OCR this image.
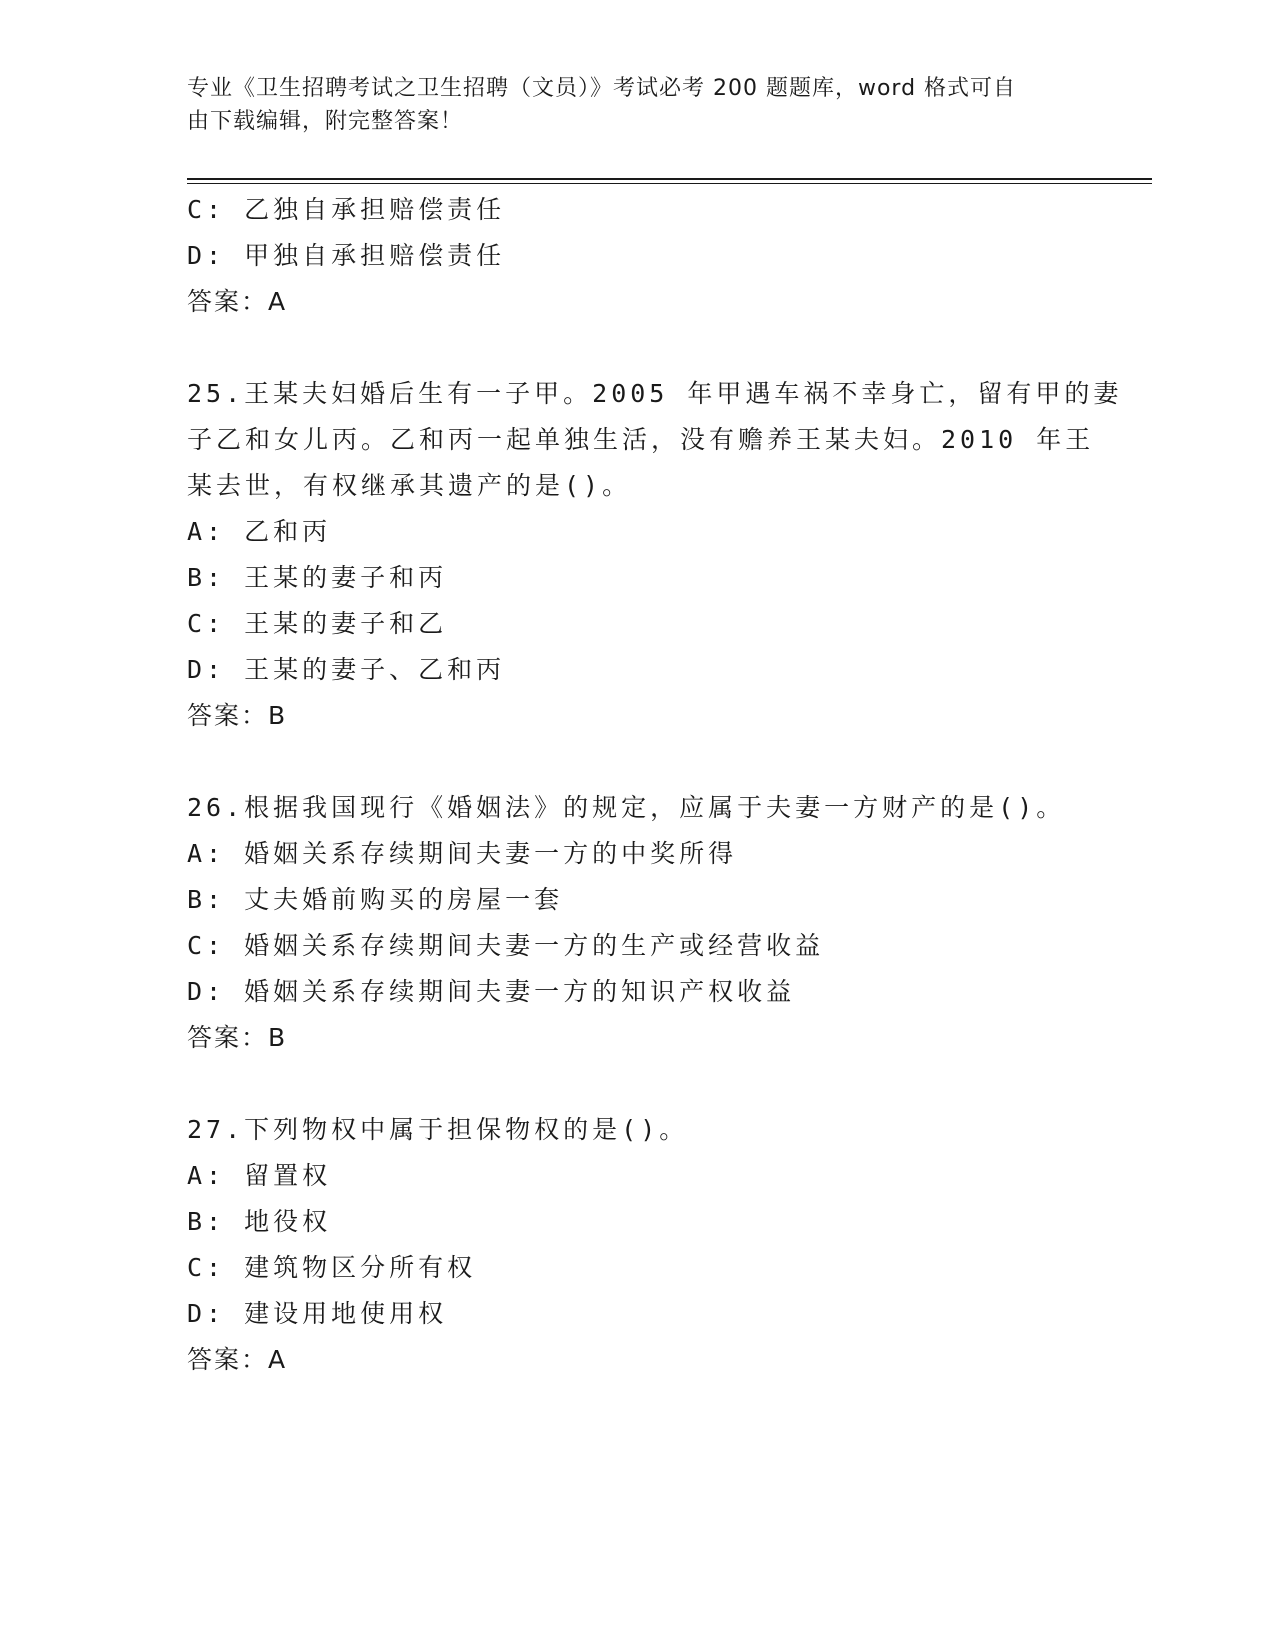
专业《卫生招聘考试之卫生招聘（文员）》考试必考 200 题题库，word 格式可自
由下载编辑，附完整答案！
C: 乙独自承担赔偿责任
D: 甲独自承担赔偿责任
答案：A
25.王某夫妇婚后生有一子甲。2005 年甲遇车祸不幸身亡，留有甲的妻
子乙和女儿丙。乙和丙一起单独生活，没有赡养王某夫妇。2010 年王
某去世，有权继承其遗产的是()。
A: 乙和丙
B: 王某的妻子和丙
C: 王某的妻子和乙
D: 王某的妻子、乙和丙
答案：B
26.根据我国现行《婚姻法》的规定，应属于夫妻一方财产的是()。
A: 婚姻关系存续期间夫妻一方的中奖所得
B: 丈夫婚前购买的房屋一套
C: 婚姻关系存续期间夫妻一方的生产或经营收益
D: 婚姻关系存续期间夫妻一方的知识产权收益
答案：B
27.下列物权中属于担保物权的是()。
A: 留置权
B: 地役权
C: 建筑物区分所有权
D: 建设用地使用权
答案：A
